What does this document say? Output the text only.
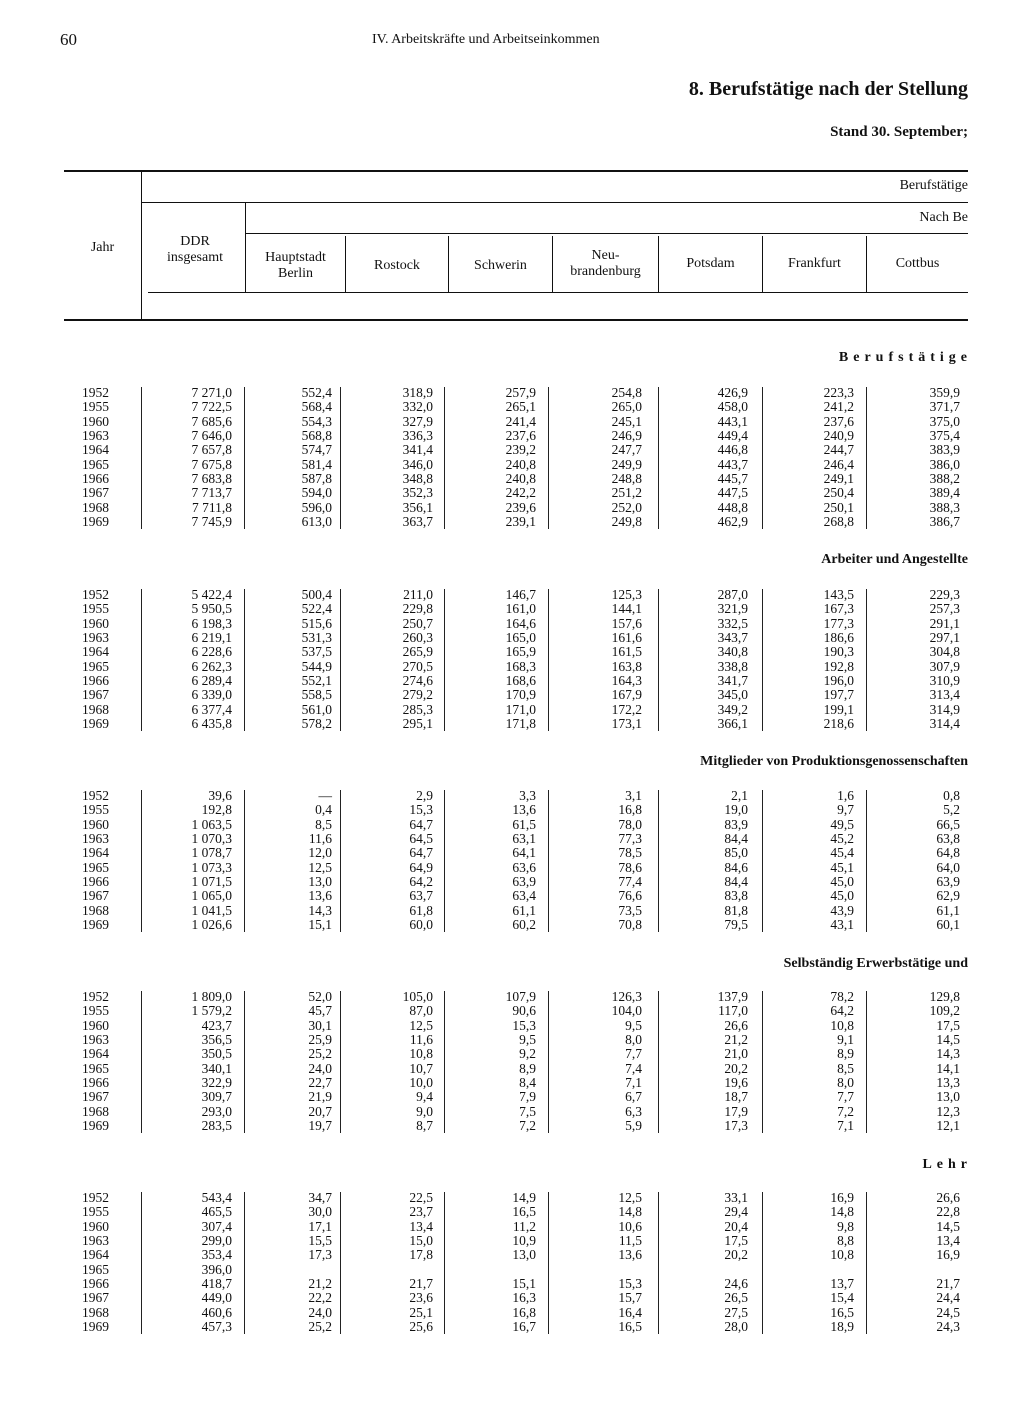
60	IV. Arbeitskräfte und Arbeitseinkommen
8. Berufstätige nach der Stellung
Stand 30. September;
Jahr	DDR
insgesamt
Berufstätige
Nach Be
Hauptstadt
Berlin
Rostock	Schwerin
Neu-
brandenburg
Potsdam	Frankfurt	Cottbus
Berufstätige
1952	7 271,0	552,4	318,9	257,9	254,8	426,9	223,3	359,9
1955	7 722,5	568,4	332,0	265,1	265,0	458,0	241,2	371,7
1960	7 685,6	554,3	327,9	241,4	245,1	443,1	237,6	375,0
1963	7 646,0	568,8	336,3	237,6	246,9	449,4	240,9	375,4
1964	7 657,8	574,7	341,4	239,2	247,7	446,8	244,7	383,9
1965	7 675,8	581,4	346,0	240,8	249,9	443,7	246,4	386,0
1966	7 683,8	587,8	348,8	240,8	248,8	445,7	249,1	388,2
1967	7 713,7	594,0	352,3	242,2	251,2	447,5	250,4	389,4
1968	7 711,8	596,0	356,1	239,6	252,0	448,8	250,1	388,3
1969	7 745,9	613,0	363,7	239,1	249,8	462,9	268,8	386,7
Arbeiter und Angestellte
1952	5 422,4	500,4	211,0	146,7	125,3	287,0	143,5	229,3
1955	5 950,5	522,4	229,8	161,0	144,1	321,9	167,3	257,3
1960	6 198,3	515,6	250,7	164,6	157,6	332,5	177,3	291,1
1963	6 219,1	531,3	260,3	165,0	161,6	343,7	186,6	297,1
1964	6 228,6	537,5	265,9	165,9	161,5	340,8	190,3	304,8
1965	6 262,3	544,9	270,5	168,3	163,8	338,8	192,8	307,9
1966	6 289,4	552,1	274,6	168,6	164,3	341,7	196,0	310,9
1967	6 339,0	558,5	279,2	170,9	167,9	345,0	197,7	313,4
1968	6 377,4	561,0	285,3	171,0	172,2	349,2	199,1	314,9
1969	6 435,8	578,2	295,1	171,8	173,1	366,1	218,6	314,4
Mitglieder von Produktionsgenossenschaften
1952	39,6	—	2,9	3,3	3,1	2,1	1,6	0,8
1955	192,8	0,4	15,3	13,6	16,8	19,0	9,7	5,2
1960	1 063,5	8,5	64,7	61,5	78,0	83,9	49,5	66,5
1963	1 070,3	11,6	64,5	63,1	77,3	84,4	45,2	63,8
1964	1 078,7	12,0	64,7	64,1	78,5	85,0	45,4	64,8
1965	1 073,3	12,5	64,9	63,6	78,6	84,6	45,1	64,0
1966	1 071,5	13,0	64,2	63,9	77,4	84,4	45,0	63,9
1967	1 065,0	13,6	63,7	63,4	76,6	83,8	45,0	62,9
1968	1 041,5	14,3	61,8	61,1	73,5	81,8	43,9	61,1
1969	1 026,6	15,1	60,0	60,2	70,8	79,5	43,1	60,1
Selbständig Erwerbstätige und
1952	1 809,0	52,0	105,0	107,9	126,3	137,9	78,2	129,8
1955	1 579,2	45,7	87,0	90,6	104,0	117,0	64,2	109,2
1960	423,7	30,1	12,5	15,3	9,5	26,6	10,8	17,5
1963	356,5	25,9	11,6	9,5	8,0	21,2	9,1	14,5
1964	350,5	25,2	10,8	9,2	7,7	21,0	8,9	14,3
1965	340,1	24,0	10,7	8,9	7,4	20,2	8,5	14,1
1966	322,9	22,7	10,0	8,4	7,1	19,6	8,0	13,3
1967	309,7	21,9	9,4	7,9	6,7	18,7	7,7	13,0
1968	293,0	20,7	9,0	7,5	6,3	17,9	7,2	12,3
1969	283,5	19,7	8,7	7,2	5,9	17,3	7,1	12,1
Lehr
1952	543,4	34,7	22,5	14,9	12,5	33,1	16,9	26,6
1955	465,5	30,0	23,7	16,5	14,8	29,4	14,8	22,8
1960	307,4	17,1	13,4	11,2	10,6	20,4	9,8	14,5
1963	299,0	15,5	15,0	10,9	11,5	17,5	8,8	13,4
1964	353,4	17,3	17,8	13,0	13,6	20,2	10,8	16,9
1965	396,0
1966	418,7	21,2	21,7	15,1	15,3	24,6	13,7	21,7
1967	449,0	22,2	23,6	16,3	15,7	26,5	15,4	24,4
1968	460,6	24,0	25,1	16,8	16,4	27,5	16,5	24,5
1969	457,3	25,2	25,6	16,7	16,5	28,0	18,9	24,3
